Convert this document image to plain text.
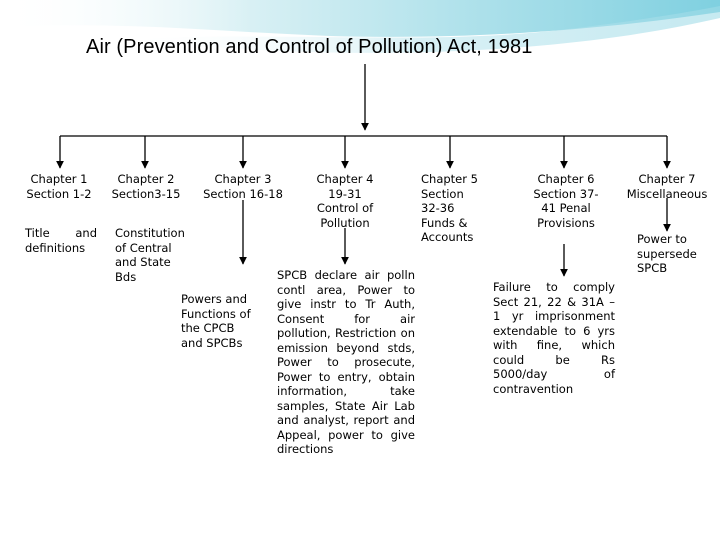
Air (Prevention and Control of Pollution) Act, 1981
Chapter 1 Section 1-2
Title and definitions
Chapter 2 Section3-15
Constitution of Central and State Bds
Chapter 3 Section 16-18
Powers and Functions of the CPCB and SPCBs
Chapter 4 19-31 Control of Pollution
SPCB declare air polln contl area, Power to give instr to Tr Auth, Consent for air pollution, Restriction on emission beyond stds, Power to prosecute, Power to entry, obtain information, take samples, State Air Lab and analyst, report and Appeal, power to give directions
Chapter 5 Section 32-36 Funds & Accounts
Chapter 6 Section 37-41 Penal Provisions
Failure to comply Sect 21, 22 & 31A – 1 yr imprisonment extendable to 6 yrs with fine, which could be Rs 5000/day of contravention
Chapter 7 Miscellaneous
Power to supersede SPCB
